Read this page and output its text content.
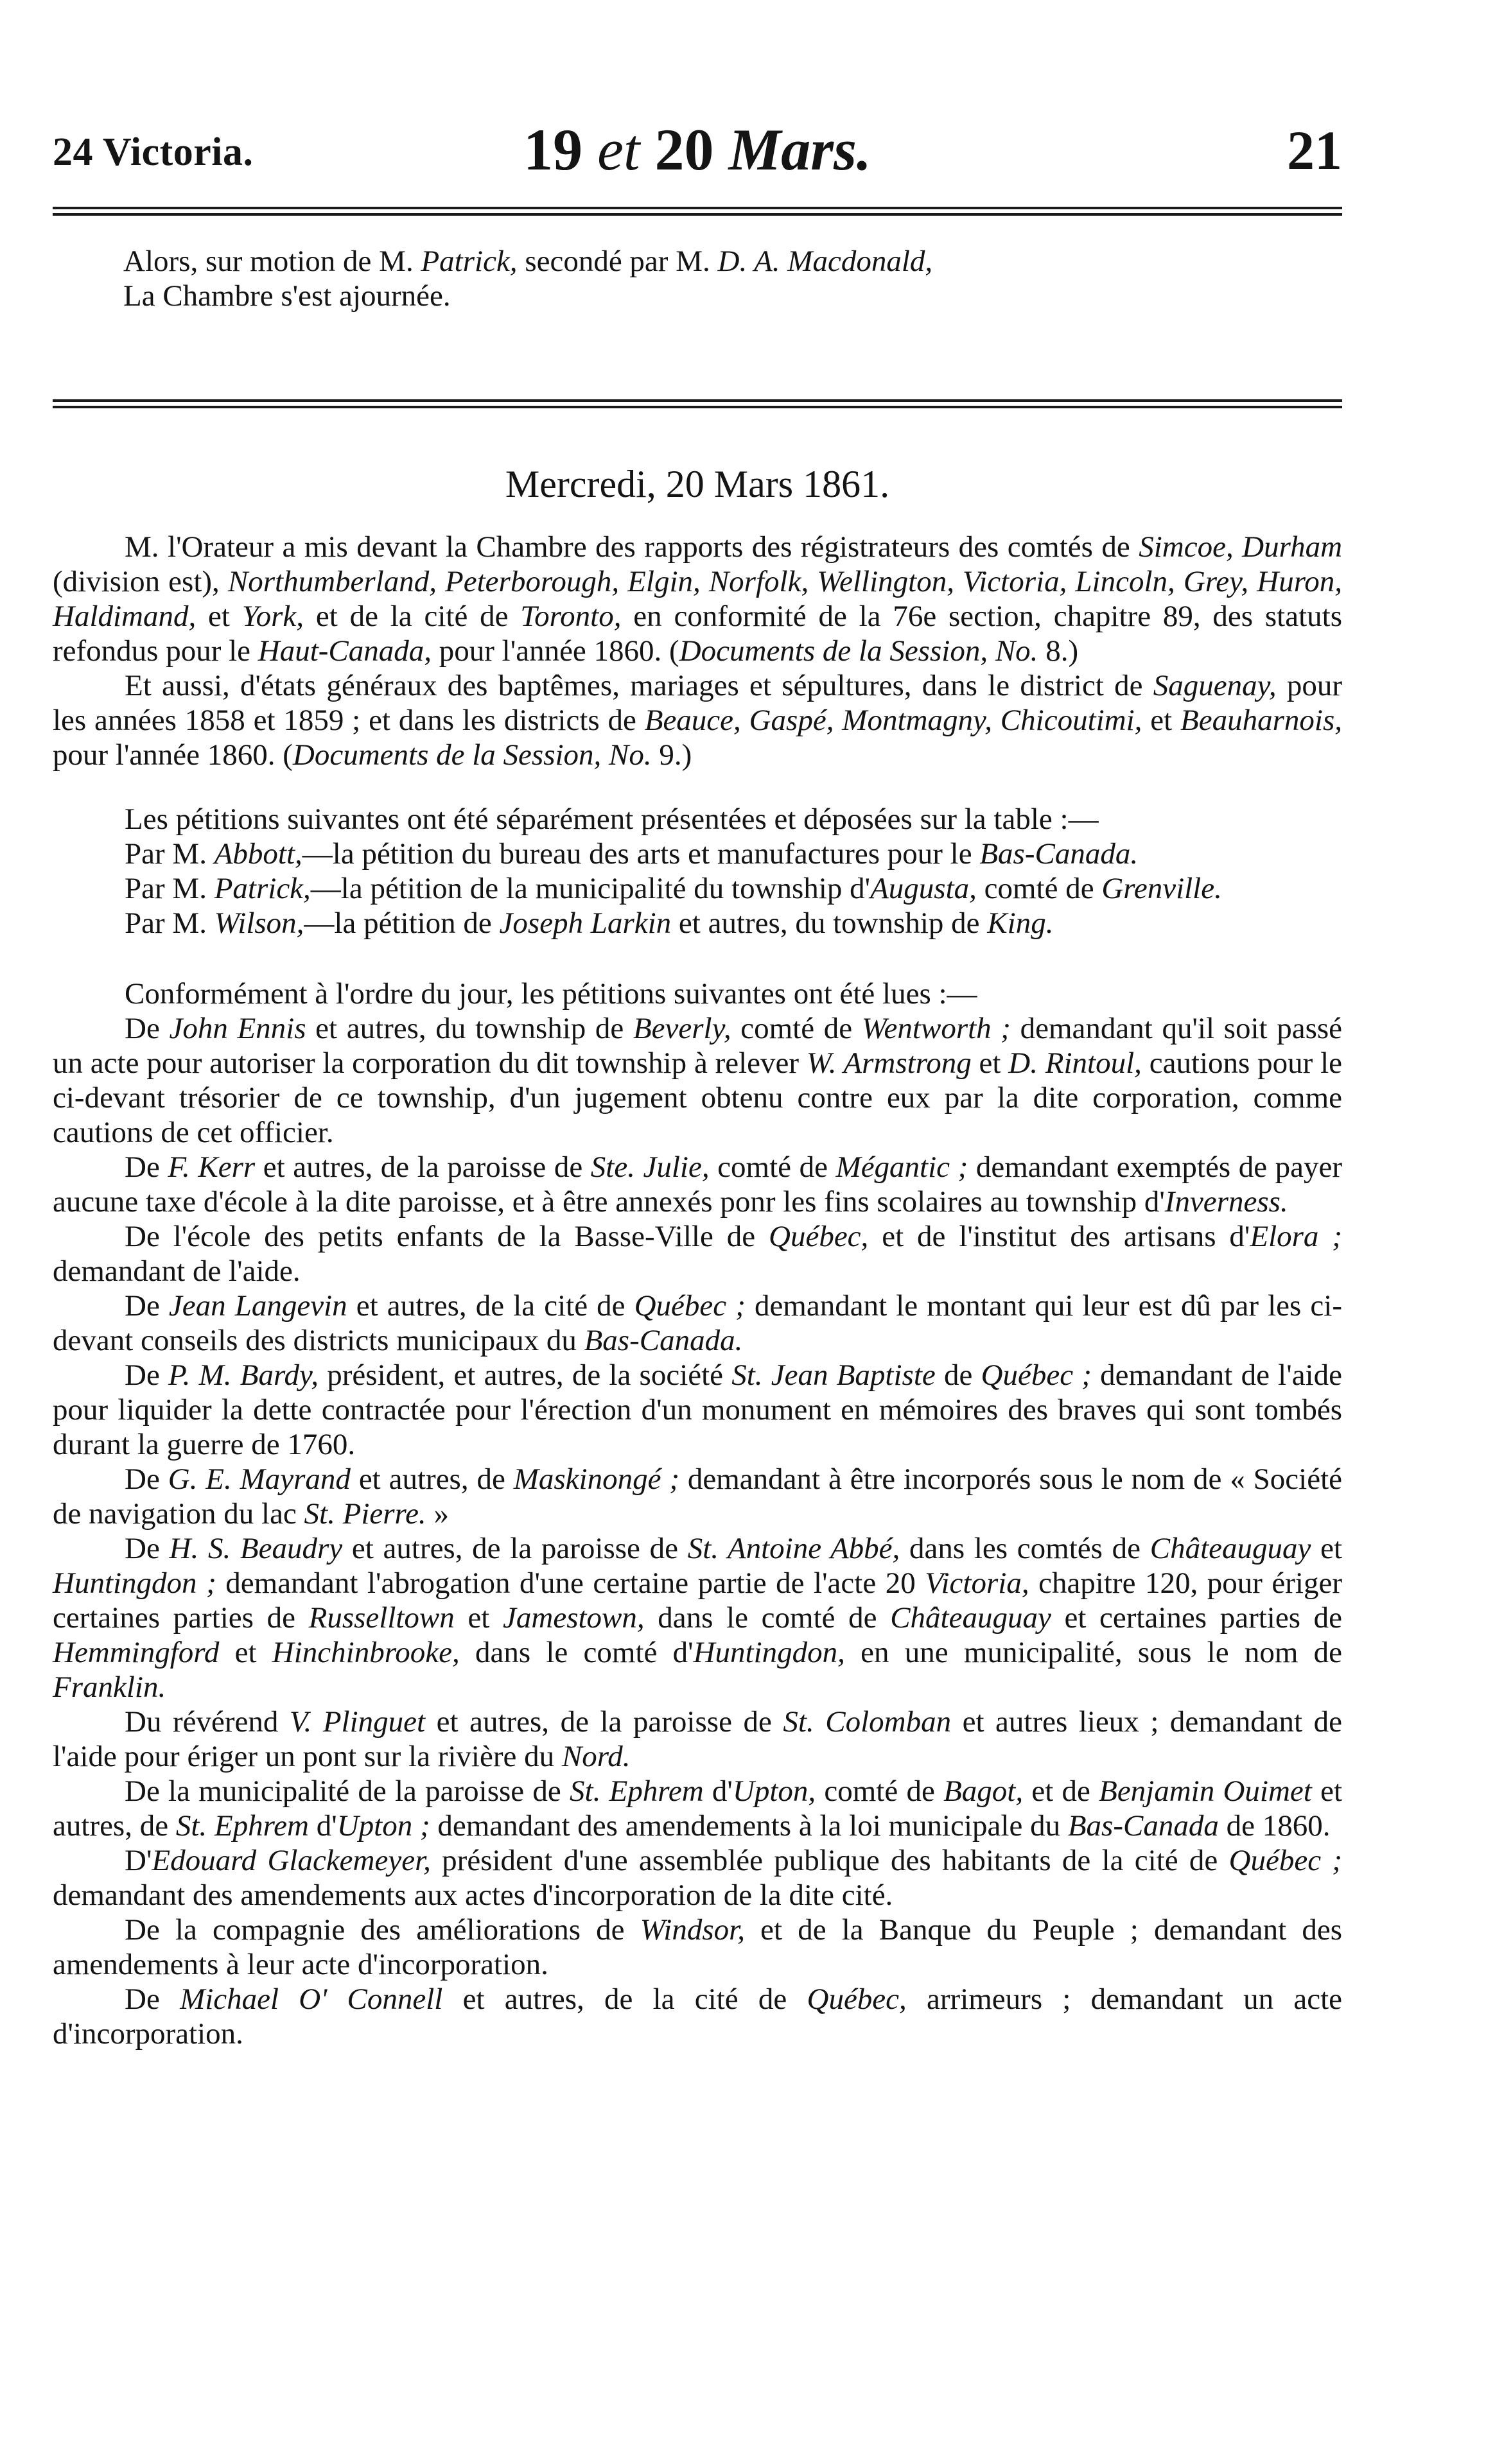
24 Victoria.	19 et 20 Mars.	21

Alors, sur motion de M. Patrick, secondé par M. D. A. Macdonald,

La Chambre s'est ajournée.

Mercredi, 20 Mars 1861.

M. l'Orateur a mis devant la Chambre des rapports des régistrateurs des comtés de Simcoe, Durham (division est), Northumberland, Peterborough, Elgin, Norfolk, Wellington, Victoria, Lincoln, Grey, Huron, Haldimand, et York, et de la cité de Toronto, en conformité de la 76e section, chapitre 89, des statuts refondus pour le Haut-Canada, pour l'année 1860. (Documents de la Session, No. 8.)

Et aussi, d'états généraux des baptêmes, mariages et sépultures, dans le district de Saguenay, pour les années 1858 et 1859 ; et dans les districts de Beauce, Gaspé, Montmagny, Chicoutimi, et Beauharnois, pour l'année 1860. (Documents de la Session, No. 9.)

Les pétitions suivantes ont été séparément présentées et déposées sur la table :—

Par M. Abbott,—la pétition du bureau des arts et manufactures pour le Bas-Canada.

Par M. Patrick,—la pétition de la municipalité du township d'Augusta, comté de Grenville.

Par M. Wilson,—la pétition de Joseph Larkin et autres, du township de King.

Conformément à l'ordre du jour, les pétitions suivantes ont été lues :—

De John Ennis et autres, du township de Beverly, comté de Wentworth ; demandant qu'il soit passé un acte pour autoriser la corporation du dit township à relever W. Armstrong et D. Rintoul, cautions pour le ci-devant trésorier de ce township, d'un jugement obtenu contre eux par la dite corporation, comme cautions de cet officier.

De F. Kerr et autres, de la paroisse de Ste. Julie, comté de Mégantic ; demandant exemptés de payer aucune taxe d'école à la dite paroisse, et à être annexés ponr les fins scolaires au township d'Inverness.

De l'école des petits enfants de la Basse-Ville de Québec, et de l'institut des artisans d'Elora ; demandant de l'aide.

De Jean Langevin et autres, de la cité de Québec ; demandant le montant qui leur est dû par les ci-devant conseils des districts municipaux du Bas-Canada.

De P. M. Bardy, président, et autres, de la société St. Jean Baptiste de Québec ; demandant de l'aide pour liquider la dette contractée pour l'érection d'un monument en mémoires des braves qui sont tombés durant la guerre de 1760.

De G. E. Mayrand et autres, de Maskinongé ; demandant à être incorporés sous le nom de « Société de navigation du lac St. Pierre. »

De H. S. Beaudry et autres, de la paroisse de St. Antoine Abbé, dans les comtés de Châteauguay et Huntingdon ; demandant l'abrogation d'une certaine partie de l'acte 20 Victoria, chapitre 120, pour ériger certaines parties de Russelltown et Jamestown, dans le comté de Châteauguay et certaines parties de Hemmingford et Hinchinbrooke, dans le comté d'Huntingdon, en une municipalité, sous le nom de Franklin.

Du révérend V. Plinguet et autres, de la paroisse de St. Colomban et autres lieux ; demandant de l'aide pour ériger un pont sur la rivière du Nord.

De la municipalité de la paroisse de St. Ephrem d'Upton, comté de Bagot, et de Benjamin Ouimet et autres, de St. Ephrem d'Upton ; demandant des amendements à la loi municipale du Bas-Canada de 1860.

D'Edouard Glackemeyer, président d'une assemblée publique des habitants de la cité de Québec ; demandant des amendements aux actes d'incorporation de la dite cité.

De la compagnie des améliorations de Windsor, et de la Banque du Peuple ; demandant des amendements à leur acte d'incorporation.

De Michael O' Connell et autres, de la cité de Québec, arrimeurs ; demandant un acte d'incorporation.
